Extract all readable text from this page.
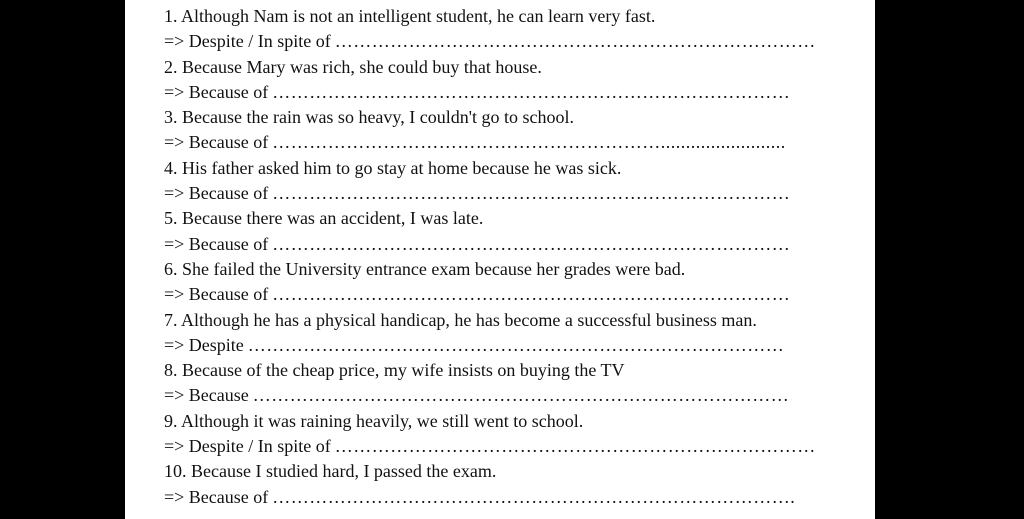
1. Although Nam is not an intelligent student, he can learn very fast.
=> Despite / In spite of ……………………………………………………………………
2. Because Mary was rich, she could buy that house.
=> Because of …………………………………………………………………………
3. Because the rain was so heavy, I couldn't go to school.
=> Because of ……………………………………………………….........................
4. His father asked him to go stay at home because he was sick.
=> Because of …………………………………………………………………………
5. Because there was an accident, I was late.
=> Because of …………………………………………………………………………
6. She failed the University entrance exam because her grades were bad.
=> Because of …………………………………………………………………………
7. Although he has a physical handicap, he has become a successful business man.
=> Despite ……………………………………………………………………………
8. Because of the cheap price, my wife insists on buying the TV
=> Because ……………………………………………………………………………
9. Although it was raining heavily, we still went to school.
=> Despite / In spite of ……………………………………………………………………
10. Because I studied hard, I passed the exam.
=> Because of ………………………………………………………………………….
